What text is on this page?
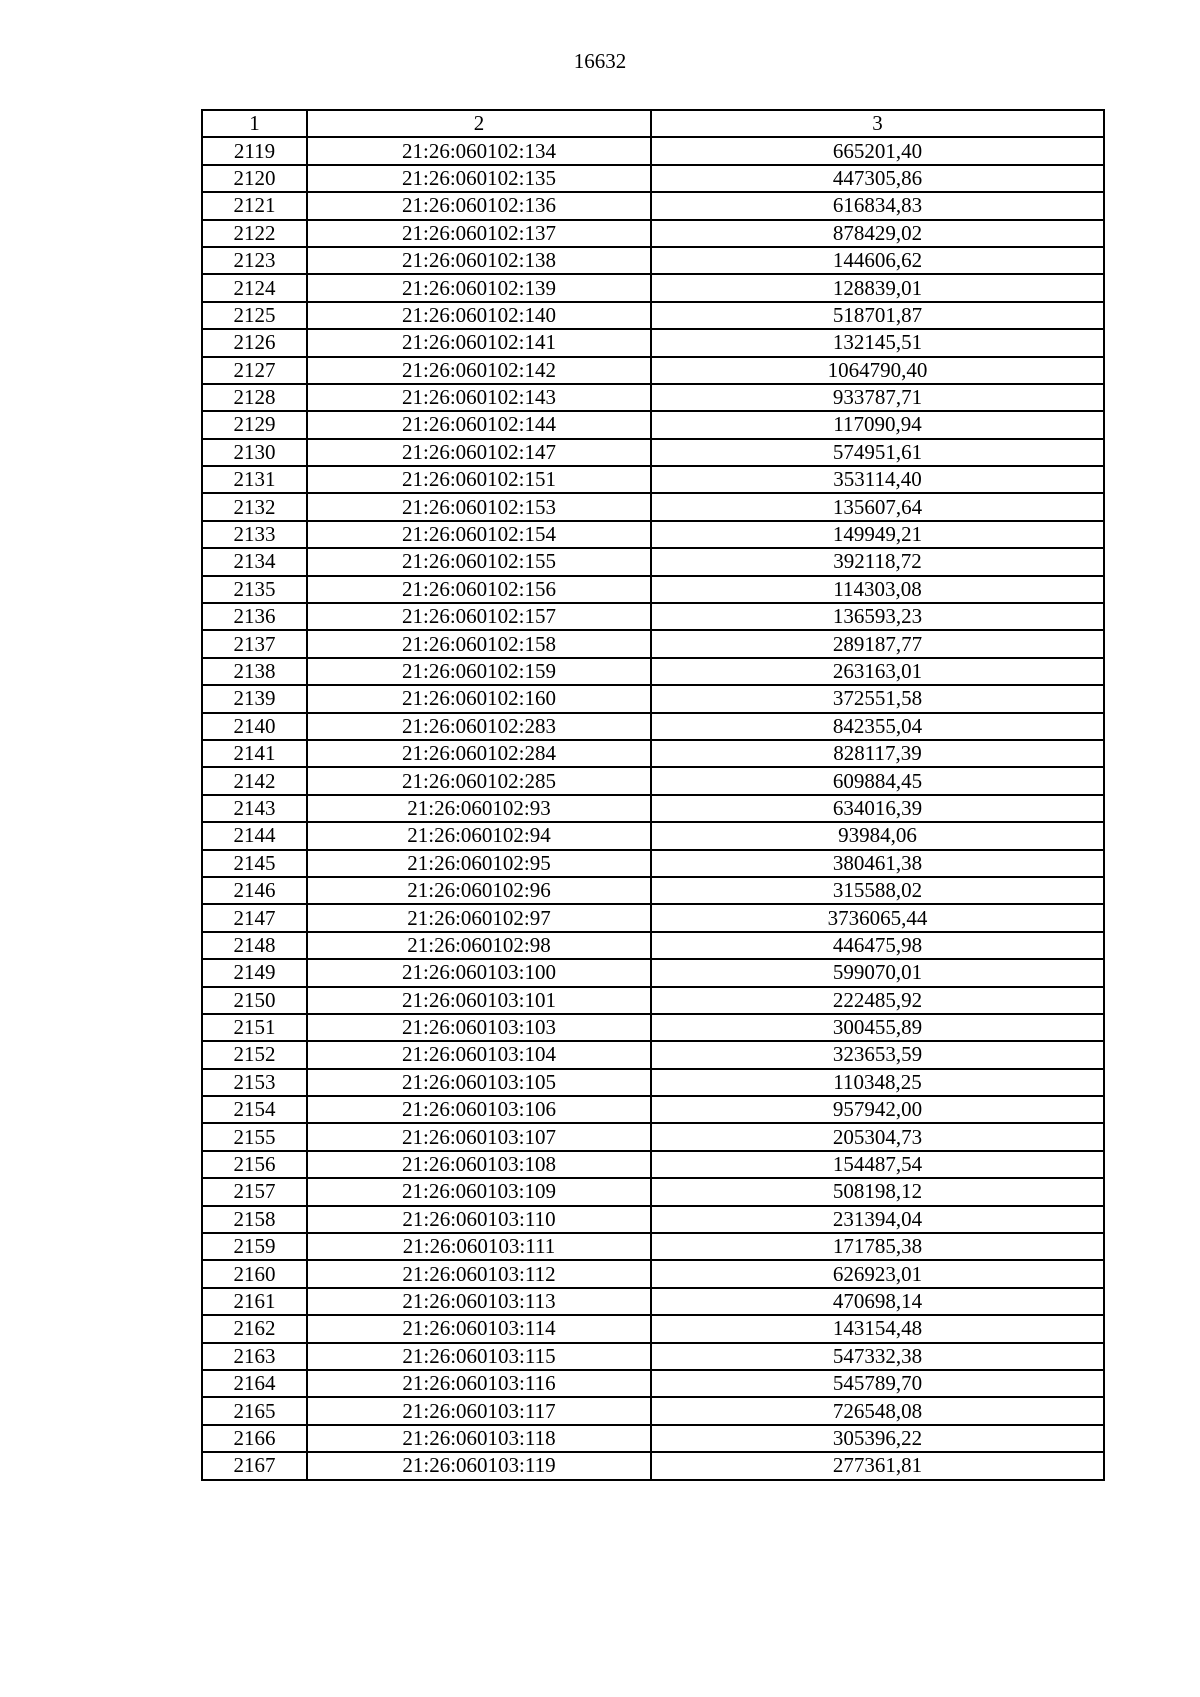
16632
1	2	3
2119	21:26:060102:134	665201,40
2120	21:26:060102:135	447305,86
2121	21:26:060102:136	616834,83
2122	21:26:060102:137	878429,02
2123	21:26:060102:138	144606,62
2124	21:26:060102:139	128839,01
2125	21:26:060102:140	518701,87
2126	21:26:060102:141	132145,51
2127	21:26:060102:142	1064790,40
2128	21:26:060102:143	933787,71
2129	21:26:060102:144	117090,94
2130	21:26:060102:147	574951,61
2131	21:26:060102:151	353114,40
2132	21:26:060102:153	135607,64
2133	21:26:060102:154	149949,21
2134	21:26:060102:155	392118,72
2135	21:26:060102:156	114303,08
2136	21:26:060102:157	136593,23
2137	21:26:060102:158	289187,77
2138	21:26:060102:159	263163,01
2139	21:26:060102:160	372551,58
2140	21:26:060102:283	842355,04
2141	21:26:060102:284	828117,39
2142	21:26:060102:285	609884,45
2143	21:26:060102:93	634016,39
2144	21:26:060102:94	93984,06
2145	21:26:060102:95	380461,38
2146	21:26:060102:96	315588,02
2147	21:26:060102:97	3736065,44
2148	21:26:060102:98	446475,98
2149	21:26:060103:100	599070,01
2150	21:26:060103:101	222485,92
2151	21:26:060103:103	300455,89
2152	21:26:060103:104	323653,59
2153	21:26:060103:105	110348,25
2154	21:26:060103:106	957942,00
2155	21:26:060103:107	205304,73
2156	21:26:060103:108	154487,54
2157	21:26:060103:109	508198,12
2158	21:26:060103:110	231394,04
2159	21:26:060103:111	171785,38
2160	21:26:060103:112	626923,01
2161	21:26:060103:113	470698,14
2162	21:26:060103:114	143154,48
2163	21:26:060103:115	547332,38
2164	21:26:060103:116	545789,70
2165	21:26:060103:117	726548,08
2166	21:26:060103:118	305396,22
2167	21:26:060103:119	277361,81
